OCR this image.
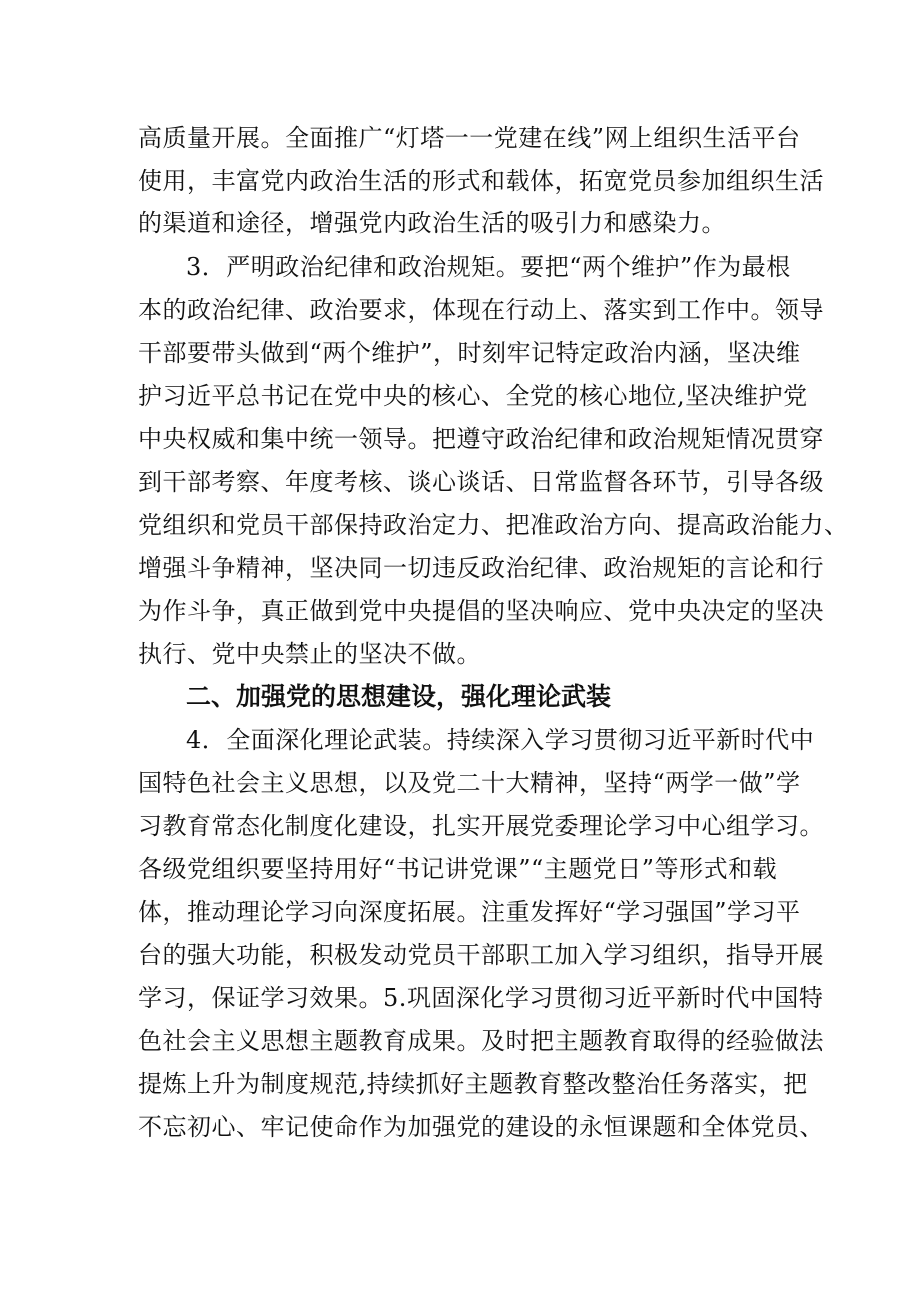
高质量开展。全面推广“灯塔一一党建在线”网上组织生活平台
使用，丰富党内政治生活的形式和载体，拓宽党员参加组织生活
的渠道和途径，增强党内政治生活的吸引力和感染力。
3．严明政治纪律和政治规矩。要把“两个维护”作为最根
本的政治纪律、政治要求，体现在行动上、落实到工作中。领导
干部要带头做到“两个维护”，时刻牢记特定政治内涵，坚决维
护习近平总书记在党中央的核心、全党的核心地位,坚决维护党
中央权威和集中统一领导。把遵守政治纪律和政治规矩情况贯穿
到干部考察、年度考核、谈心谈话、日常监督各环节，引导各级
党组织和党员干部保持政治定力、把准政治方向、提高政治能力、
增强斗争精神，坚决同一切违反政治纪律、政治规矩的言论和行
为作斗争，真正做到党中央提倡的坚决响应、党中央决定的坚决
执行、党中央禁止的坚决不做。
二、加强党的思想建设，强化理论武装
4．全面深化理论武装。持续深入学习贯彻习近平新时代中
国特色社会主义思想，以及党二十大精神，坚持“两学一做”学
习教育常态化制度化建设，扎实开展党委理论学习中心组学习。
各级党组织要坚持用好“书记讲党课”“主题党日”等形式和载
体，推动理论学习向深度拓展。注重发挥好“学习强国”学习平
台的强大功能，积极发动党员干部职工加入学习组织，指导开展
学习，保证学习效果。5.巩固深化学习贯彻习近平新时代中国特
色社会主义思想主题教育成果。及时把主题教育取得的经验做法
提炼上升为制度规范,持续抓好主题教育整改整治任务落实，把
不忘初心、牢记使命作为加强党的建设的永恒课题和全体党员、
